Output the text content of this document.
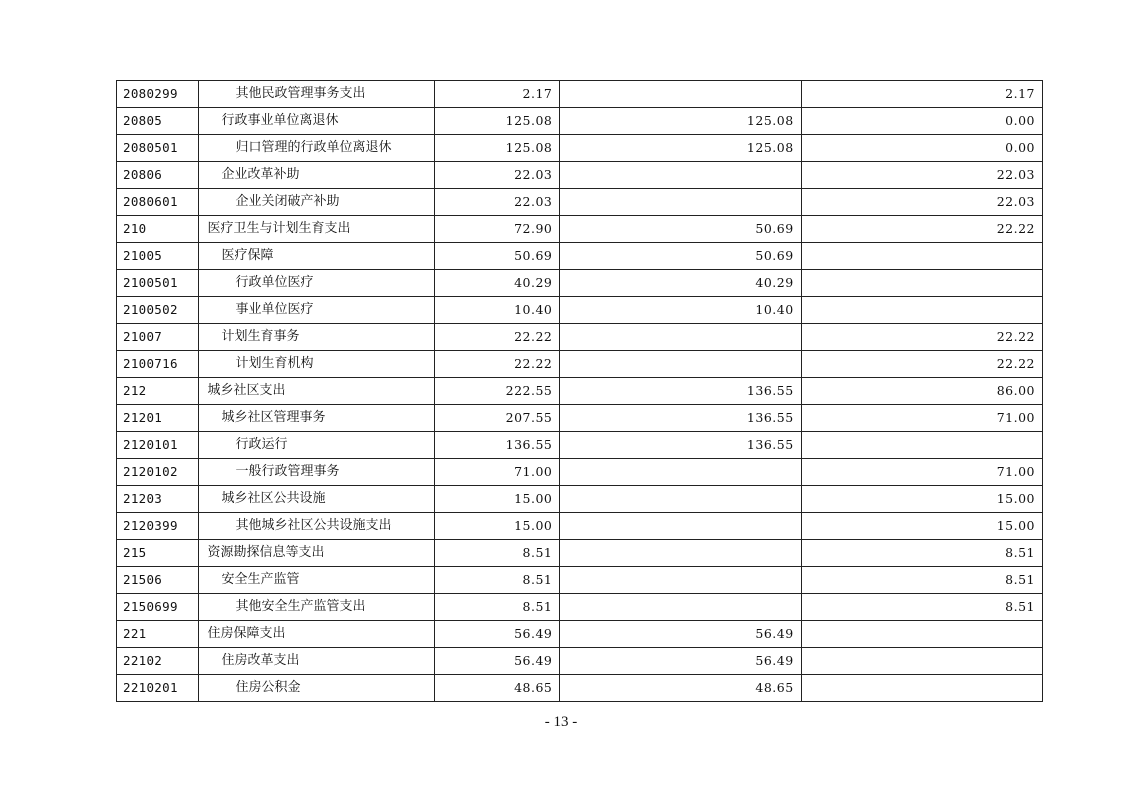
2080299	其他民政管理事务支出	2.17		2.17
20805	行政事业单位离退休	125.08	125.08	0.00
2080501	归口管理的行政单位离退休	125.08	125.08	0.00
20806	企业改革补助	22.03		22.03
2080601	企业关闭破产补助	22.03		22.03
210	医疗卫生与计划生育支出	72.90	50.69	22.22
21005	医疗保障	50.69	50.69	
2100501	行政单位医疗	40.29	40.29	
2100502	事业单位医疗	10.40	10.40	
21007	计划生育事务	22.22		22.22
2100716	计划生育机构	22.22		22.22
212	城乡社区支出	222.55	136.55	86.00
21201	城乡社区管理事务	207.55	136.55	71.00
2120101	行政运行	136.55	136.55	
2120102	一般行政管理事务	71.00		71.00
21203	城乡社区公共设施	15.00		15.00
2120399	其他城乡社区公共设施支出	15.00		15.00
215	资源勘探信息等支出	8.51		8.51
21506	安全生产监管	8.51		8.51
2150699	其他安全生产监管支出	8.51		8.51
221	住房保障支出	56.49	56.49	
22102	住房改革支出	56.49	56.49	
2210201	住房公积金	48.65	48.65	
- 13 -
